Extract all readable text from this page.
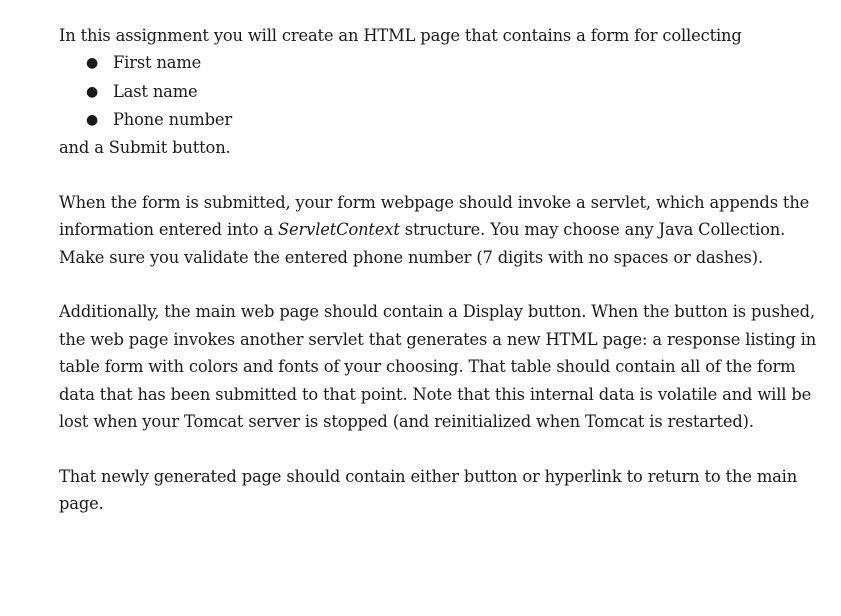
In this assignment you will create an HTML page that contains a form for collecting

● First name
● Last name
● Phone number

and a Submit button.

When the form is submitted, your form webpage should invoke a servlet, which appends the information entered into a ServletContext structure. You may choose any Java Collection. Make sure you validate the entered phone number (7 digits with no spaces or dashes).

Additionally, the main web page should contain a Display button. When the button is pushed, the web page invokes another servlet that generates a new HTML page: a response listing in table form with colors and fonts of your choosing. That table should contain all of the form data that has been submitted to that point. Note that this internal data is volatile and will be lost when your Tomcat server is stopped (and reinitialized when Tomcat is restarted).

That newly generated page should contain either button or hyperlink to return to the main page.
